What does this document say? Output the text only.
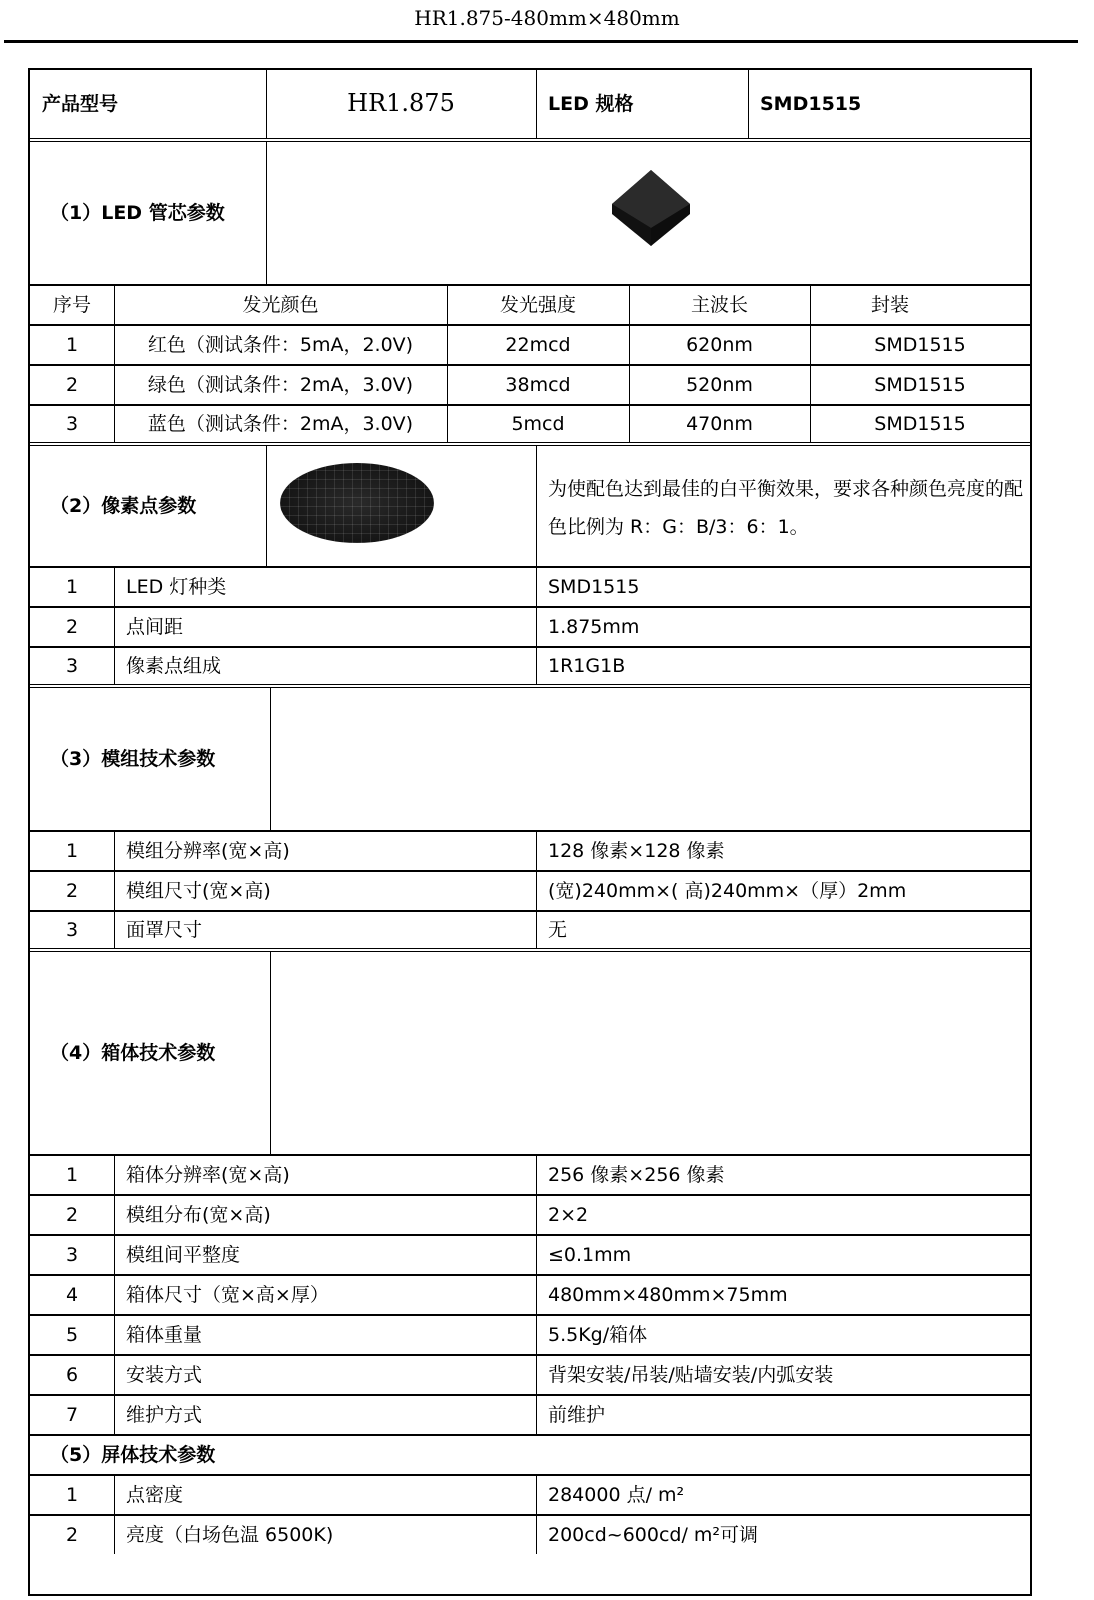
HR1.875-480mm×480mm
产品型号	HR1.875	LED 规格	SMD1515
（1）LED 管芯参数
序号	发光颜色	发光强度	主波长	封装
1	红色（测试条件：5mA，2.0V)	22mcd	620nm	SMD1515
2	绿色（测试条件：2mA，3.0V)	38mcd	520nm	SMD1515
3	蓝色（测试条件：2mA，3.0V)	5mcd	470nm	SMD1515
（2）像素点参数
为使配色达到最佳的白平衡效果，要求各种颜色亮度的配色比例为 R：G：B/3：6：1。
1	LED 灯种类	SMD1515
2	点间距	1.875mm
3	像素点组成	1R1G1B
（3）模组技术参数
1	模组分辨率(宽×高)	128 像素×128 像素
2	模组尺寸(宽×高)	(宽)240mm×( 高)240mm×（厚）2mm
3	面罩尺寸	无
（4）箱体技术参数
1	箱体分辨率(宽×高)	256 像素×256 像素
2	模组分布(宽×高)	2×2
3	模组间平整度	≤0.1mm
4	箱体尺寸（宽×高×厚）	480mm×480mm×75mm
5	箱体重量	5.5Kg/箱体
6	安装方式	背架安装/吊装/贴墙安装/内弧安装
7	维护方式	前维护
（5）屏体技术参数
1	点密度	284000 点/ m²
2	亮度（白场色温 6500K)	200cd~600cd/ m²可调
